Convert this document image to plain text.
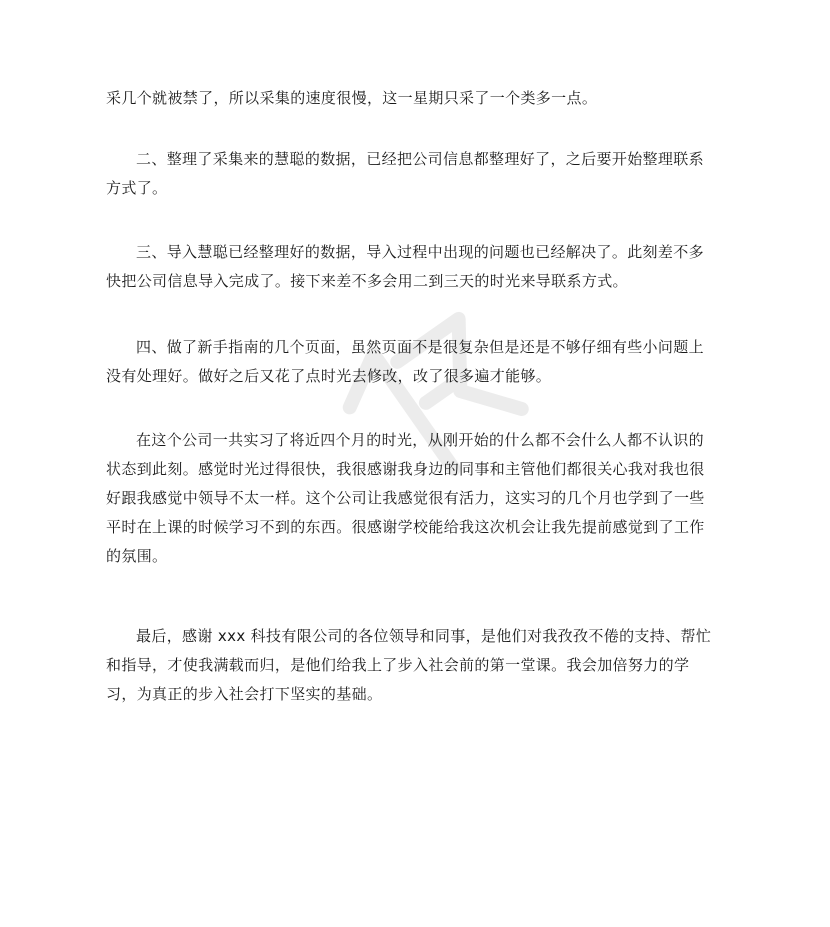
采几个就被禁了，所以采集的速度很慢，这一星期只采了一个类多一点。

二、整理了采集来的慧聪的数据，已经把公司信息都整理好了，之后要开始整理联系
方式了。

三、导入慧聪已经整理好的数据，导入过程中出现的问题也已经解决了。此刻差不多
快把公司信息导入完成了。接下来差不多会用二到三天的时光来导联系方式。

四、做了新手指南的几个页面，虽然页面不是很复杂但是还是不够仔细有些小问题上
没有处理好。做好之后又花了点时光去修改，改了很多遍才能够。

在这个公司一共实习了将近四个月的时光，从刚开始的什么都不会什么人都不认识的
状态到此刻。感觉时光过得很快，我很感谢我身边的同事和主管他们都很关心我对我也很
好跟我感觉中领导不太一样。这个公司让我感觉很有活力，这实习的几个月也学到了一些
平时在上课的时候学习不到的东西。很感谢学校能给我这次机会让我先提前感觉到了工作
的氛围。

最后，感谢 xxx 科技有限公司的各位领导和同事，是他们对我孜孜不倦的支持、帮忙
和指导，才使我满载而归，是他们给我上了步入社会前的第一堂课。我会加倍努力的学
习，为真正的步入社会打下坚实的基础。
